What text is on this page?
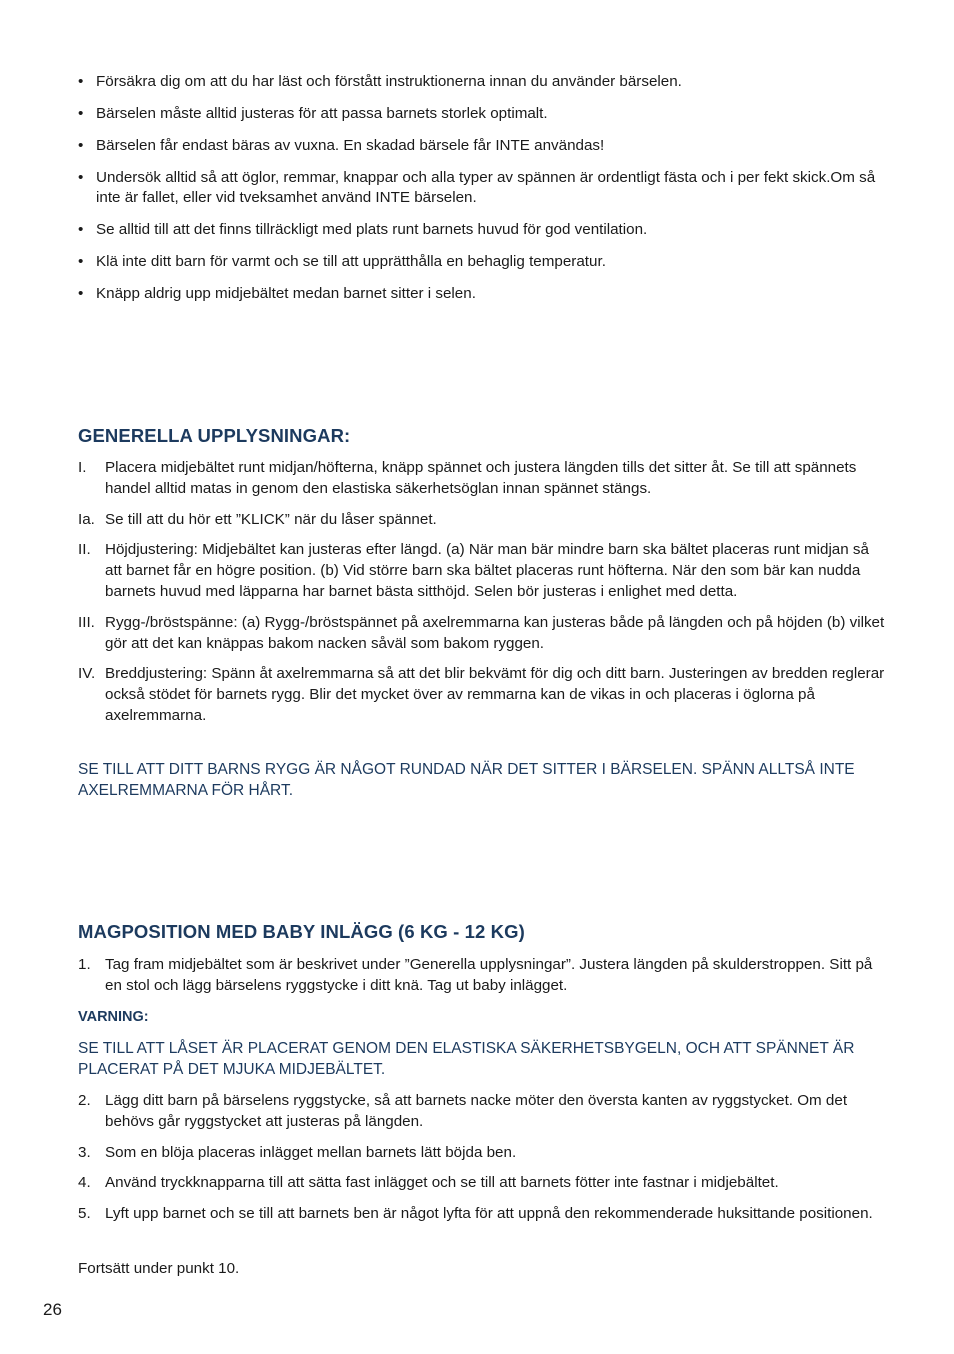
• Försäkra dig om att du har läst och förstått instruktionerna innan du använder bärselen.
• Bärselen måste alltid justeras för att passa barnets storlek optimalt.
• Bärselen får endast bäras av vuxna. En skadad bärsele får INTE användas!
• Undersök alltid så att öglor, remmar, knappar och alla typer av spännen är ordentligt fästa och i per fekt skick.Om så inte är fallet, eller vid tveksamhet använd INTE bärselen.
• Se alltid till att det finns tillräckligt med plats runt barnets huvud för god ventilation.
• Klä inte ditt barn för varmt och se till att upprätthålla en behaglig temperatur.
• Knäpp aldrig upp midjebältet medan barnet sitter i selen.
GENERELLA UPPLYSNINGAR:
I. Placera midjebältet runt midjan/höfterna, knäpp spännet och justera längden tills det sitter åt. Se till att spännets handel alltid matas in genom den elastiska säkerhetsöglan innan spännet stängs.
Ia. Se till att du hör ett ”KLICK” när du låser spännet.
II. Höjdjustering: Midjebältet kan justeras efter längd. (a) När man bär mindre barn ska bältet placeras runt midjan så att barnet får en högre position. (b) Vid större barn ska bältet placeras runt höfterna. När den som bär kan nudda barnets huvud med läpparna har barnet bästa sitthöjd. Selen bör justeras i enlighet med detta.
III. Rygg-/bröstspänne: (a) Rygg-/bröstspännet på axelremmarna kan justeras både på längden och på höjden (b) vilket gör att det kan knäppas bakom nacken såväl som bakom ryggen.
IV. Breddjustering: Spänn åt axelremmarna så att det blir bekvämt för dig och ditt barn. Justeringen av bredden reglerar också stödet för barnets rygg. Blir det mycket över av remmarna kan de vikas in och placeras i öglorna på axelremmarna.
SE TILL ATT DITT BARNS RYGG ÄR NÅGOT RUNDAD NÄR DET SITTER I BÄRSELEN. SPÄNN ALLTSÅ INTE AXELREMMARNA FÖR HÅRT.
MAGPOSITION MED BABY INLÄGG (6 KG - 12 KG)
1. Tag fram midjebältet som är beskrivet under ”Generella upplysningar”. Justera längden på skulderstroppen. Sitt på en stol och lägg bärselens ryggstycke i ditt knä. Tag ut baby inlägget.
VARNING:
SE TILL ATT LÅSET ÄR PLACERAT GENOM DEN ELASTISKA SÄKERHETSBYGELN, OCH ATT SPÄNNET ÄR PLACERAT PÅ DET MJUKA MIDJEBÄLTET.
2. Lägg ditt barn på bärselens ryggstycke, så att barnets nacke möter den översta kanten av ryggstycket. Om det behövs går ryggstycket att justeras på längden.
3. Som en blöja placeras inlägget mellan barnets lätt böjda ben.
4. Använd tryckknapparna till att sätta fast inlägget och se till att barnets fötter inte fastnar i midjebältet.
5. Lyft upp barnet och se till att barnets ben är något lyfta för att uppnå den rekommenderade huksittande positionen.
Fortsätt under punkt 10.
26
